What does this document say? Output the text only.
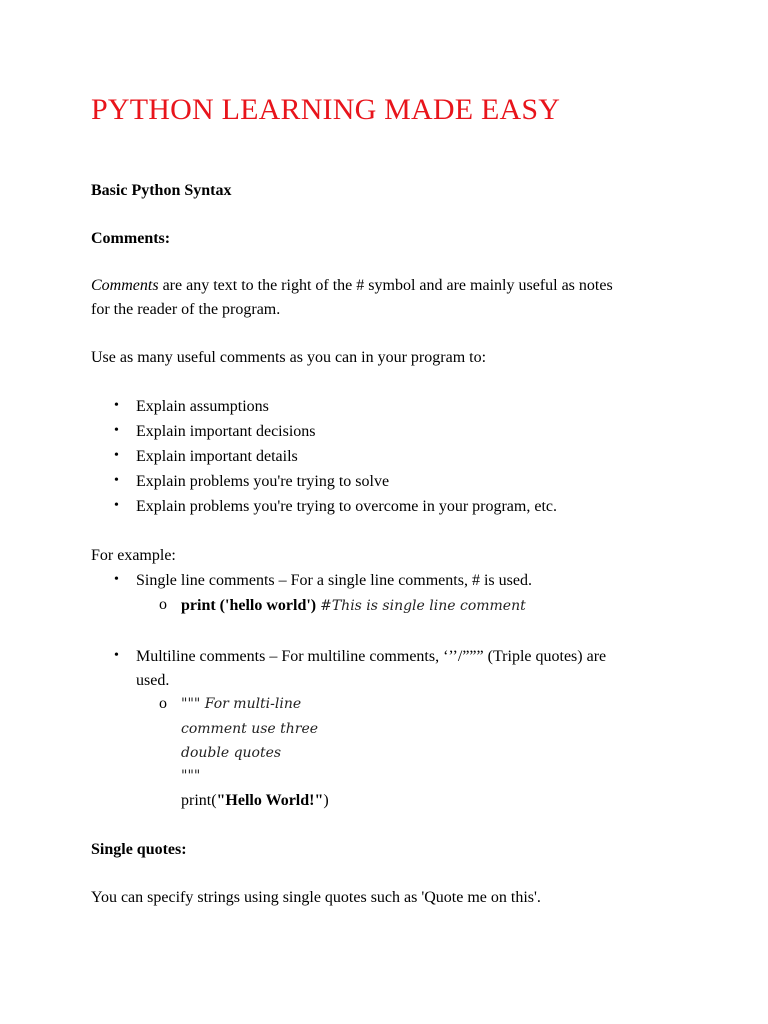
PYTHON LEARNING MADE EASY
Basic Python Syntax
Comments:
Comments are any text to the right of the # symbol and are mainly useful as notes
for the reader of the program.
Use as many useful comments as you can in your program to:
• Explain assumptions
• Explain important decisions
• Explain important details
• Explain problems you're trying to solve
• Explain problems you're trying to overcome in your program, etc.
For example:
• Single line comments – For a single line comments, # is used.
o print ('hello world') #This is single line comment
• Multiline comments – For multiline comments, ‘’’/””” (Triple quotes) are
used.
o """ For multi-line
comment use three
double quotes
"""
print("Hello World!")
Single quotes:
You can specify strings using single quotes such as 'Quote me on this'.
